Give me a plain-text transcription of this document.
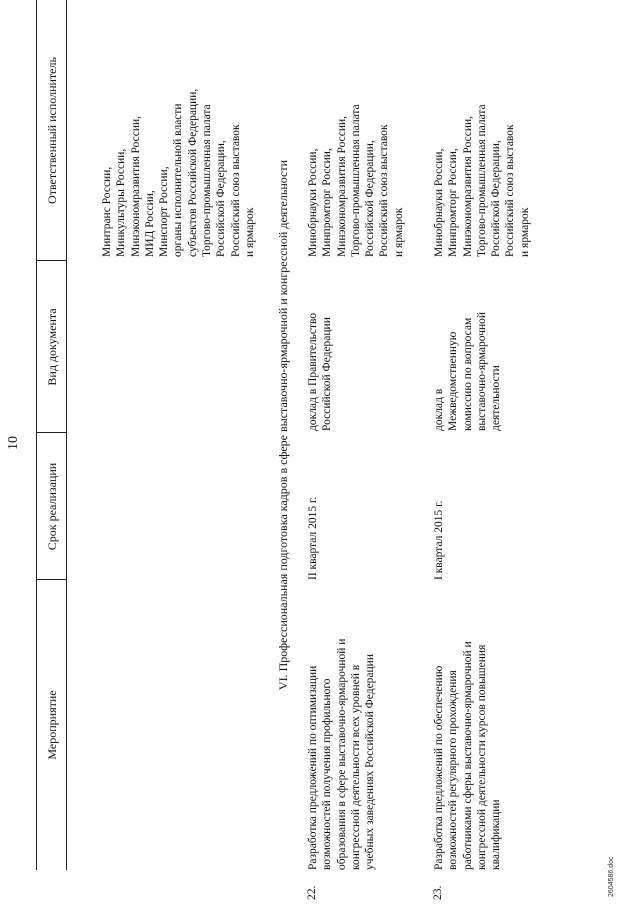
10
Мероприятие
Срок реализации
Вид документа
Ответственный исполнитель
Минтранс России, Минкультуры России, Минэкономразвития России, МИД России, Минспорт России, органы исполнительной власти субъектов Российской Федерации, Торгово-промышленная палата Российской Федерации, Российский союз выставок и ярмарок VI. Профессиональная подготовка кадров в сфере выставочно-ярмарочной и конгрессной деятельности
22.
Разработка предложений по оптимизации возможностей получения профильного образования в сфере выставочно-ярмарочной и конгрессной деятельности всех уровней в учебных заведениях Российской Федерации
II квартал 2015 г.
доклад в Правительство Российской Федерации
Минобрнауки России, Минпромторг России, Минэкономразвития России, Торгово-промышленная палата Российской Федерации, Российский союз выставок и ярмарок
23.
Разработка предложений по обеспечению возможностей регулярного прохождения работниками сферы выставочно-ярмарочной и конгрессной деятельности курсов повышения квалификации
I квартал 2015 г.
доклад в Межведомственную комиссию по вопросам выставочно-ярмарочной деятельности
Минобрнауки России, Минпромторг России, Минэкономразвития России, Торгово-промышленная палата Российской Федерации, Российский союз выставок и ярмарок
2604586.doc
